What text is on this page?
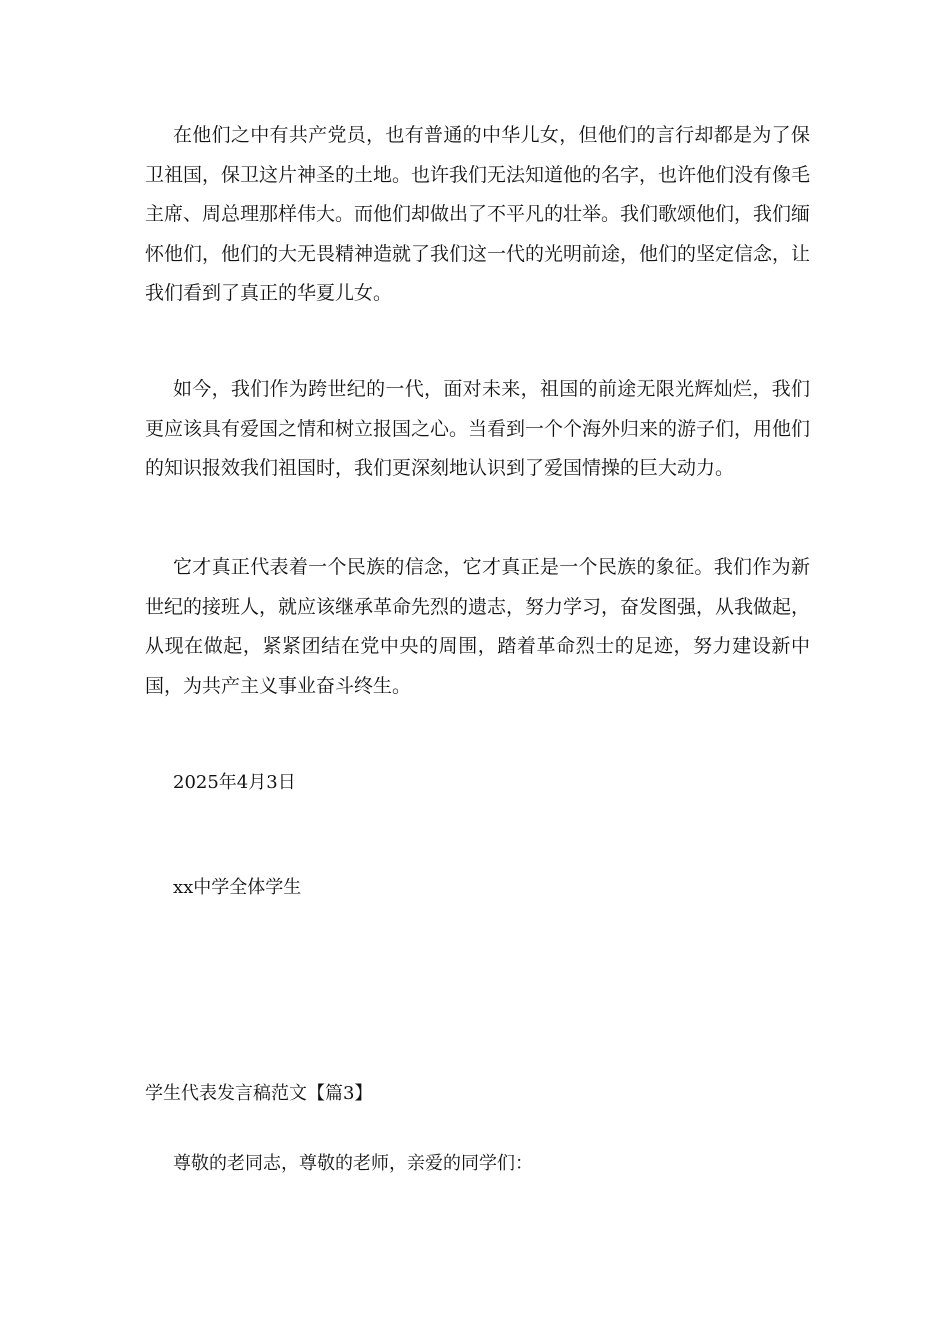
在他们之中有共产党员，也有普通的中华儿女，但他们的言行却都是为了保卫祖国，保卫这片神圣的土地。也许我们无法知道他的名字，也许他们没有像毛主席、周总理那样伟大。而他们却做出了不平凡的壮举。我们歌颂他们，我们缅怀他们，他们的大无畏精神造就了我们这一代的光明前途，他们的坚定信念，让我们看到了真正的华夏儿女。

如今，我们作为跨世纪的一代，面对未来，祖国的前途无限光辉灿烂，我们更应该具有爱国之情和树立报国之心。当看到一个个海外归来的游子们，用他们的知识报效我们祖国时，我们更深刻地认识到了爱国情操的巨大动力。

它才真正代表着一个民族的信念，它才真正是一个民族的象征。我们作为新世纪的接班人，就应该继承革命先烈的遗志，努力学习，奋发图强，从我做起，从现在做起，紧紧团结在党中央的周围，踏着革命烈士的足迹，努力建设新中国，为共产主义事业奋斗终生。

2025年4月3日

xx中学全体学生

学生代表发言稿范文【篇3】

尊敬的老同志，尊敬的老师，亲爱的同学们：
